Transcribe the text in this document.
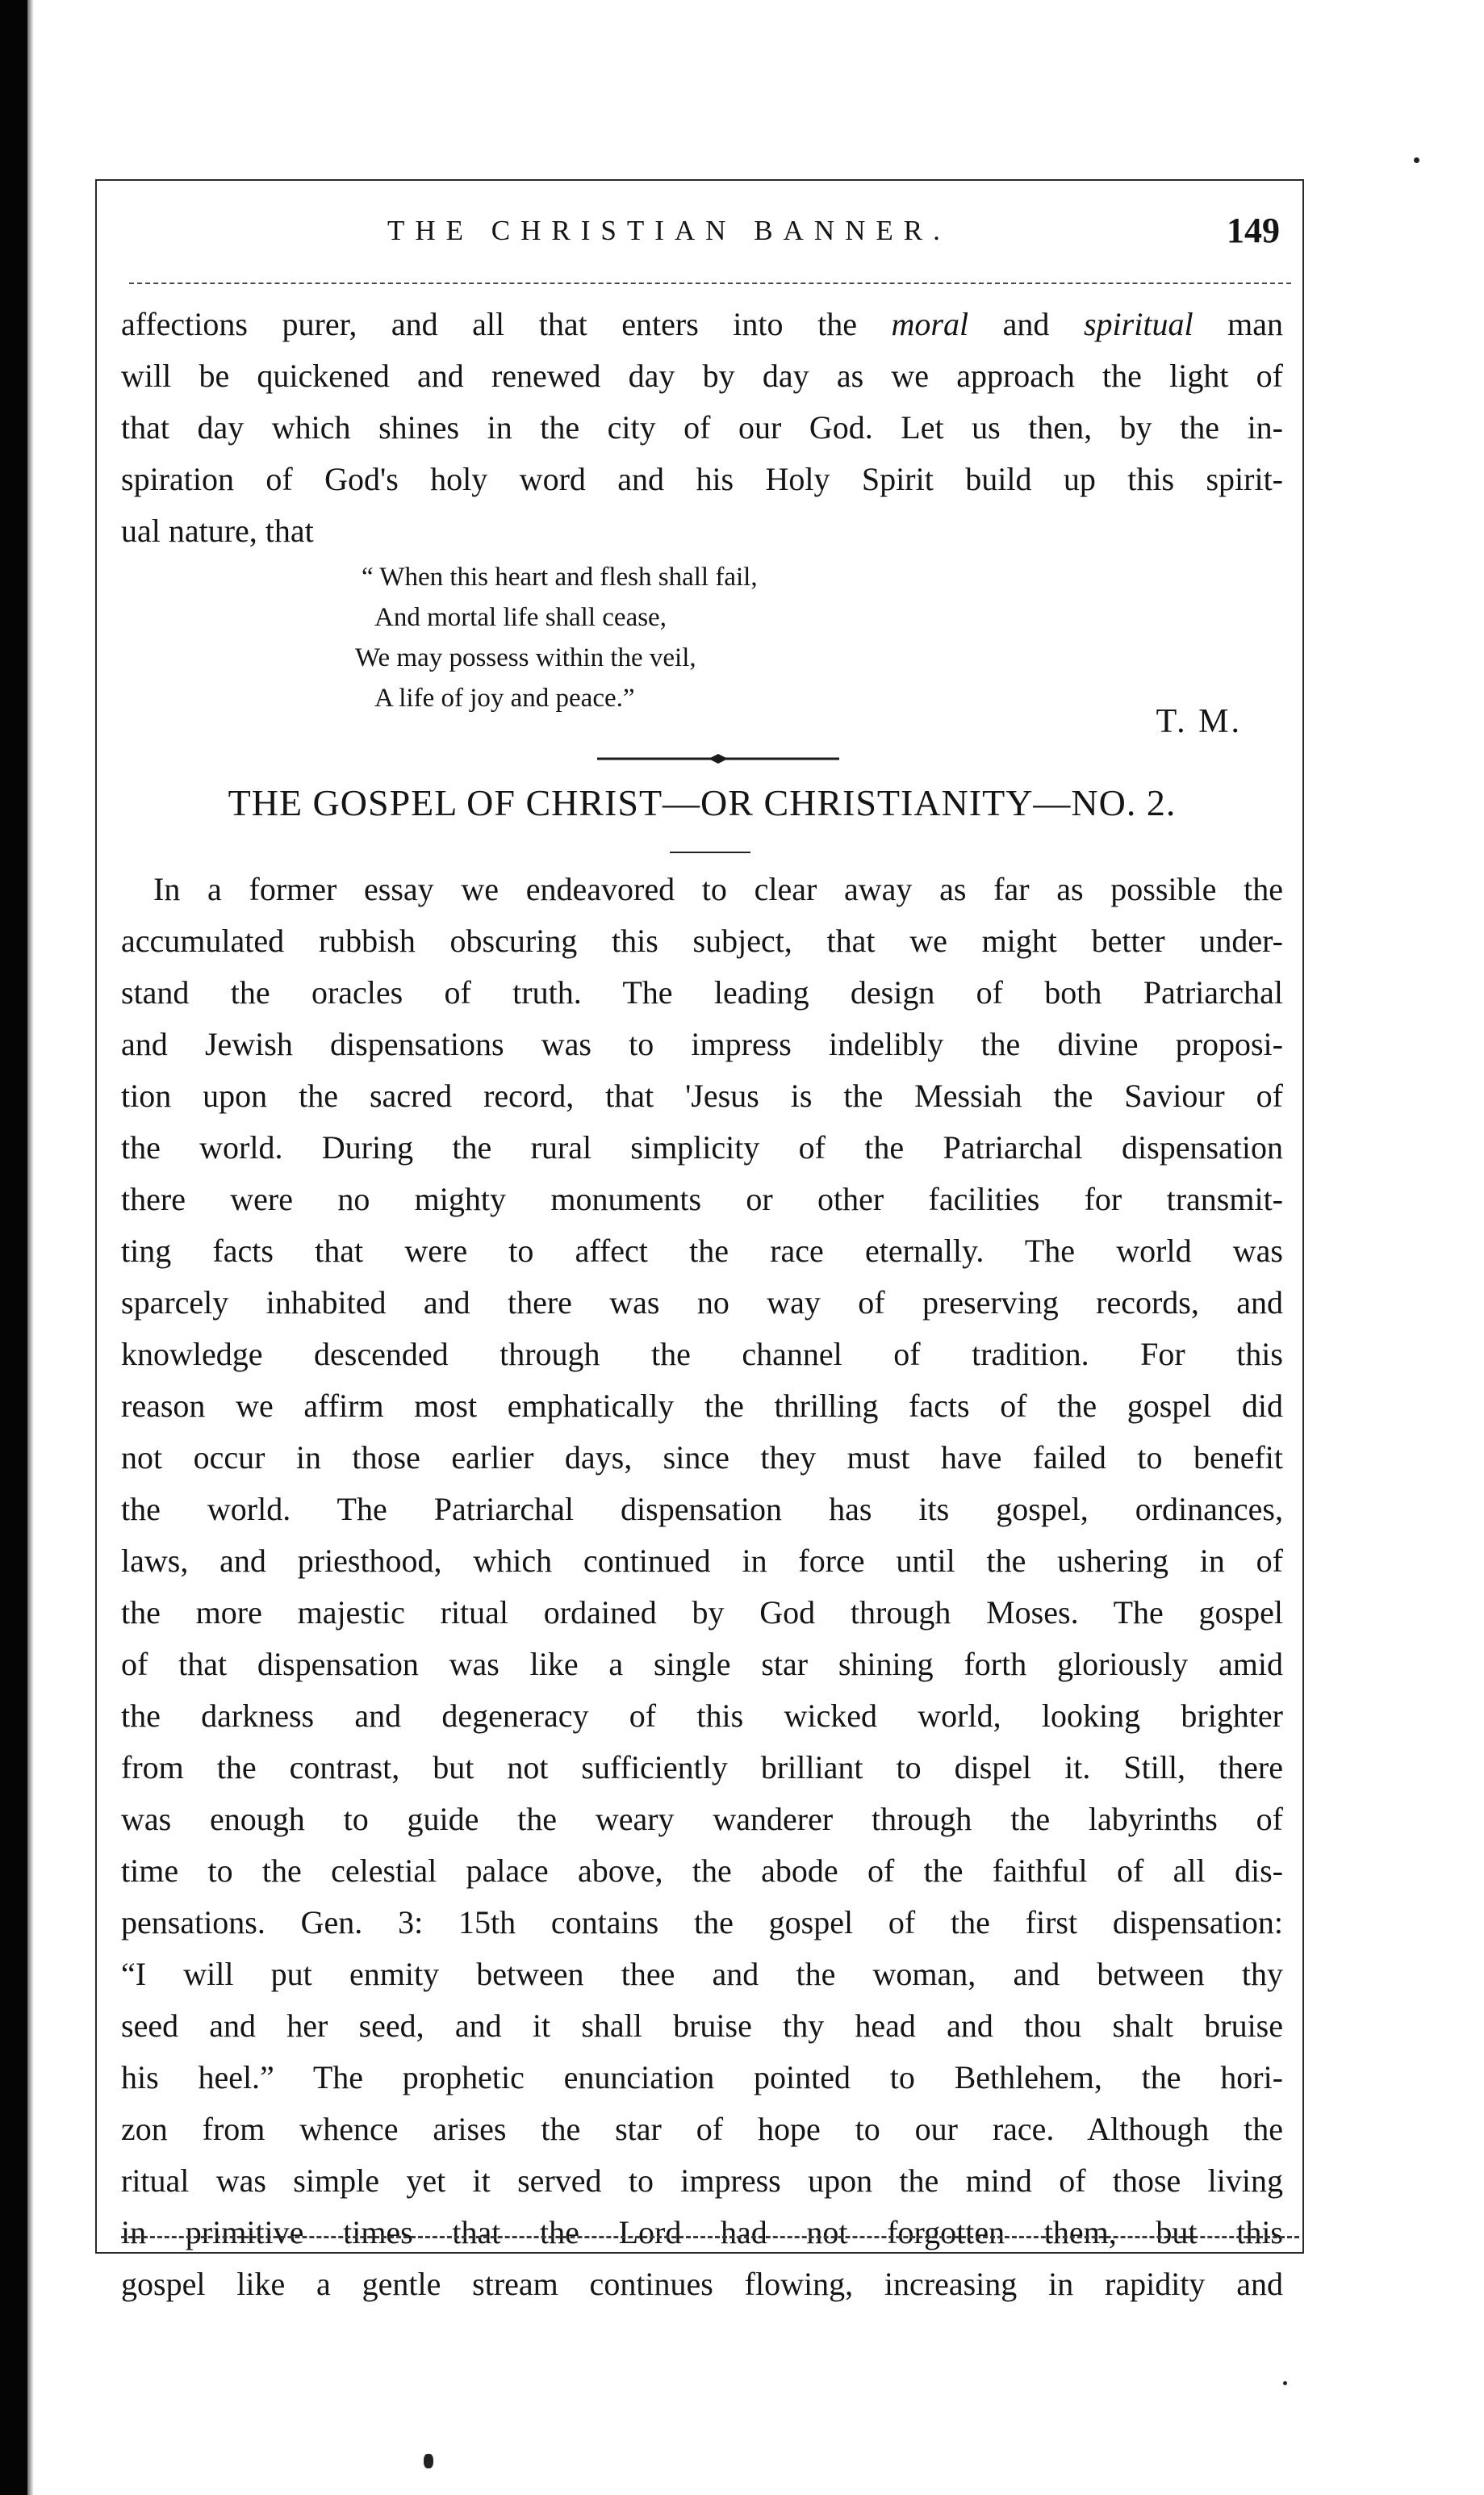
THE CHRISTIAN BANNER.	149
affections purer, and all that enters into the moral and spiritual man
will be quickened and renewed day by day as we approach the light of
that day which shines in the city of our God. Let us then, by the in-
spiration of God's holy word and his Holy Spirit build up this spirit-
ual nature, that
“ When this heart and flesh shall fail,
And mortal life shall cease,
We may possess within the veil,
A life of joy and peace.”
T. M.
THE GOSPEL OF CHRIST—OR CHRISTIANITY—NO. 2.
In a former essay we endeavored to clear away as far as possible the
accumulated rubbish obscuring this subject, that we might better under-
stand the oracles of truth. The leading design of both Patriarchal
and Jewish dispensations was to impress indelibly the divine proposi-
tion upon the sacred record, that 'Jesus is the Messiah the Saviour of
the world. During the rural simplicity of the Patriarchal dispensation
there were no mighty monuments or other facilities for transmit-
ting facts that were to affect the race eternally. The world was
sparcely inhabited and there was no way of preserving records, and
knowledge descended through the channel of tradition. For this
reason we affirm most emphatically the thrilling facts of the gospel did
not occur in those earlier days, since they must have failed to benefit
the world. The Patriarchal dispensation has its gospel, ordinances,
laws, and priesthood, which continued in force until the ushering in of
the more majestic ritual ordained by God through Moses. The gospel
of that dispensation was like a single star shining forth gloriously amid
the darkness and degeneracy of this wicked world, looking brighter
from the contrast, but not sufficiently brilliant to dispel it. Still, there
was enough to guide the weary wanderer through the labyrinths of
time to the celestial palace above, the abode of the faithful of all dis-
pensations. Gen. 3: 15th contains the gospel of the first dispensation:
“I will put enmity between thee and the woman, and between thy
seed and her seed, and it shall bruise thy head and thou shalt bruise
his heel.” The prophetic enunciation pointed to Bethlehem, the hori-
zon from whence arises the star of hope to our race. Although the
ritual was simple yet it served to impress upon the mind of those living
in primitive times that the Lord had not forgotten them, but this
gospel like a gentle stream continues flowing, increasing in rapidity and
